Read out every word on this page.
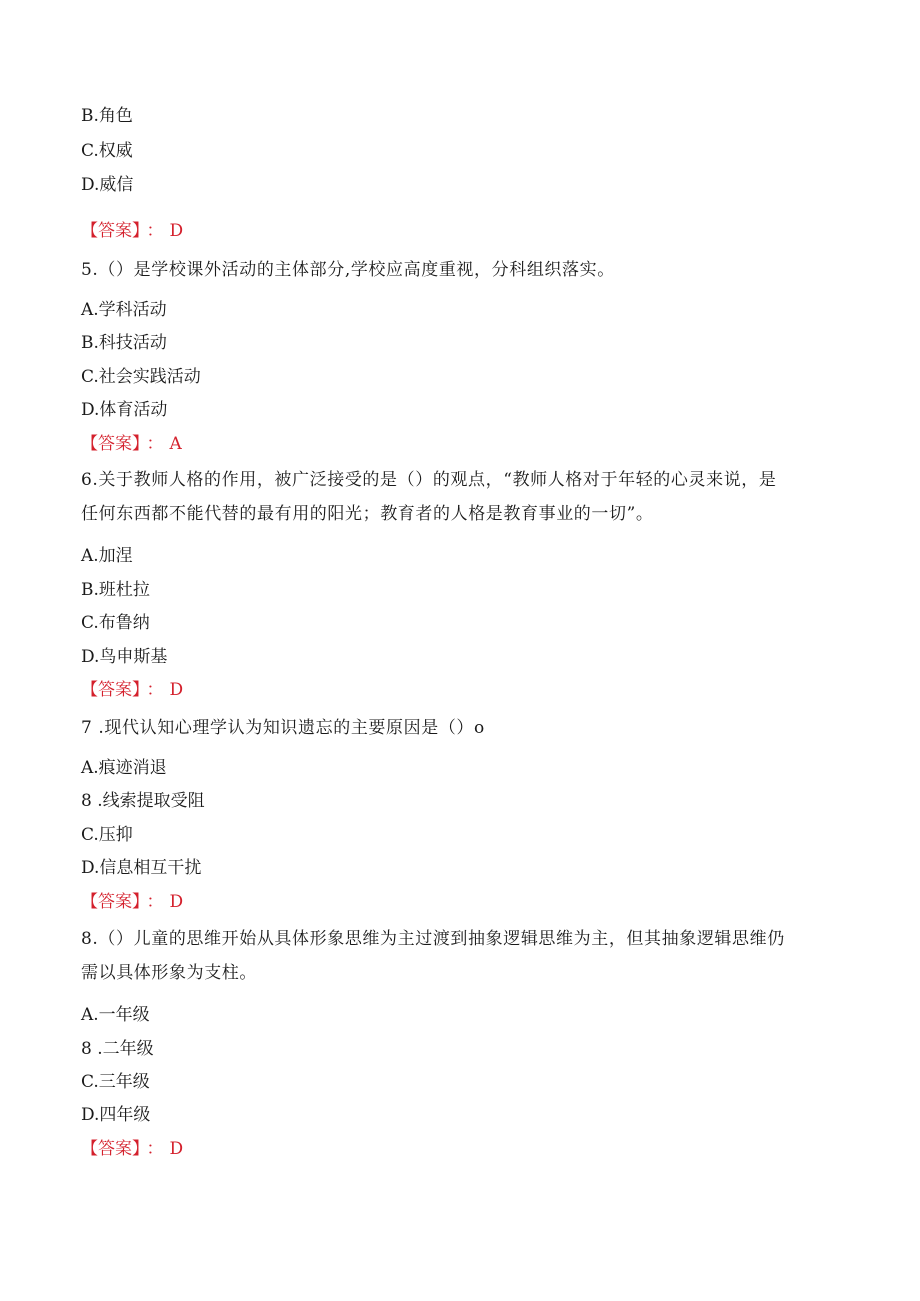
B.角色
C.权威
D.威信
【答案】 ： D
5.（）是学校课外活动的主体部分,学校应高度重视，分科组织落实。
A.学科活动
B.科技活动
C.社会实践活动
D.体育活动
【答案】 ： A
6.关于教师人格的作用，被广泛接受的是（）的观点，“教师人格对于年轻的心灵来说，是
任何东西都不能代替的最有用的阳光；教育者的人格是教育事业的一切”。
A.加涅
B.班杜拉
C.布鲁纳
D.鸟申斯基
【答案】 ： D
7 .现代认知心理学认为知识遗忘的主要原因是（）o
A.痕迹消退
8 .线索提取受阻
C.压抑
D.信息相互干扰
【答案】 ： D
8.（）儿童的思维开始从具体形象思维为主过渡到抽象逻辑思维为主，但其抽象逻辑思维仍
需以具体形象为支柱。
A.一年级
8 .二年级
C.三年级
D.四年级
【答案】 ： D
